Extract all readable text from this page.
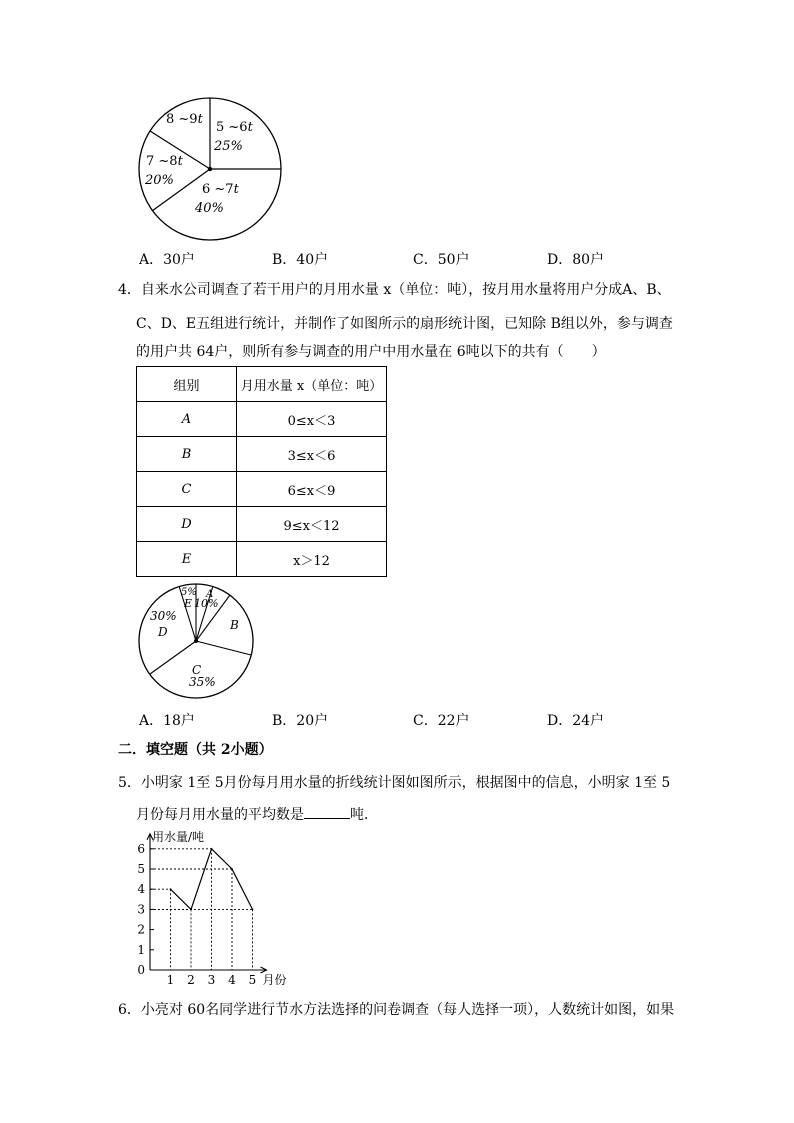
5 ~6t
25%
6 ~7t
40%
7 ~8t
20%
8 ~9t
A．30户	B．40户	C．50户	D．80户
4．自来水公司调查了若干用户的月用水量 x（单位：吨），按月用水量将用户分成A、B、
C、D、E五组进行统计，并制作了如图所示的扇形统计图，已知除 B组以外，参与调查
的用户共 64户，则所有参与调查的用户中用水量在 6吨以下的共有（　　）
组别	月用水量 x（单位：吨）
A	0≤x＜3
B	3≤x＜6
C	6≤x＜9
D	9≤x＜12
E	x＞12
5% A
E 10%
B
30%
D
C
35%
A．18户	B．20户	C．22户	D．24户
二．填空题（共 2小题）
5．小明家 1至 5月份每月用水量的折线统计图如图所示，根据图中的信息，小明家 1至 5
月份每月用水量的平均数是	吨．
0
1
2
3
4
5
6
1 2 3 4 5
用水量/吨
月份
6．小亮对 60名同学进行节水方法选择的问卷调查（每人选择一项），人数统计如图，如果
